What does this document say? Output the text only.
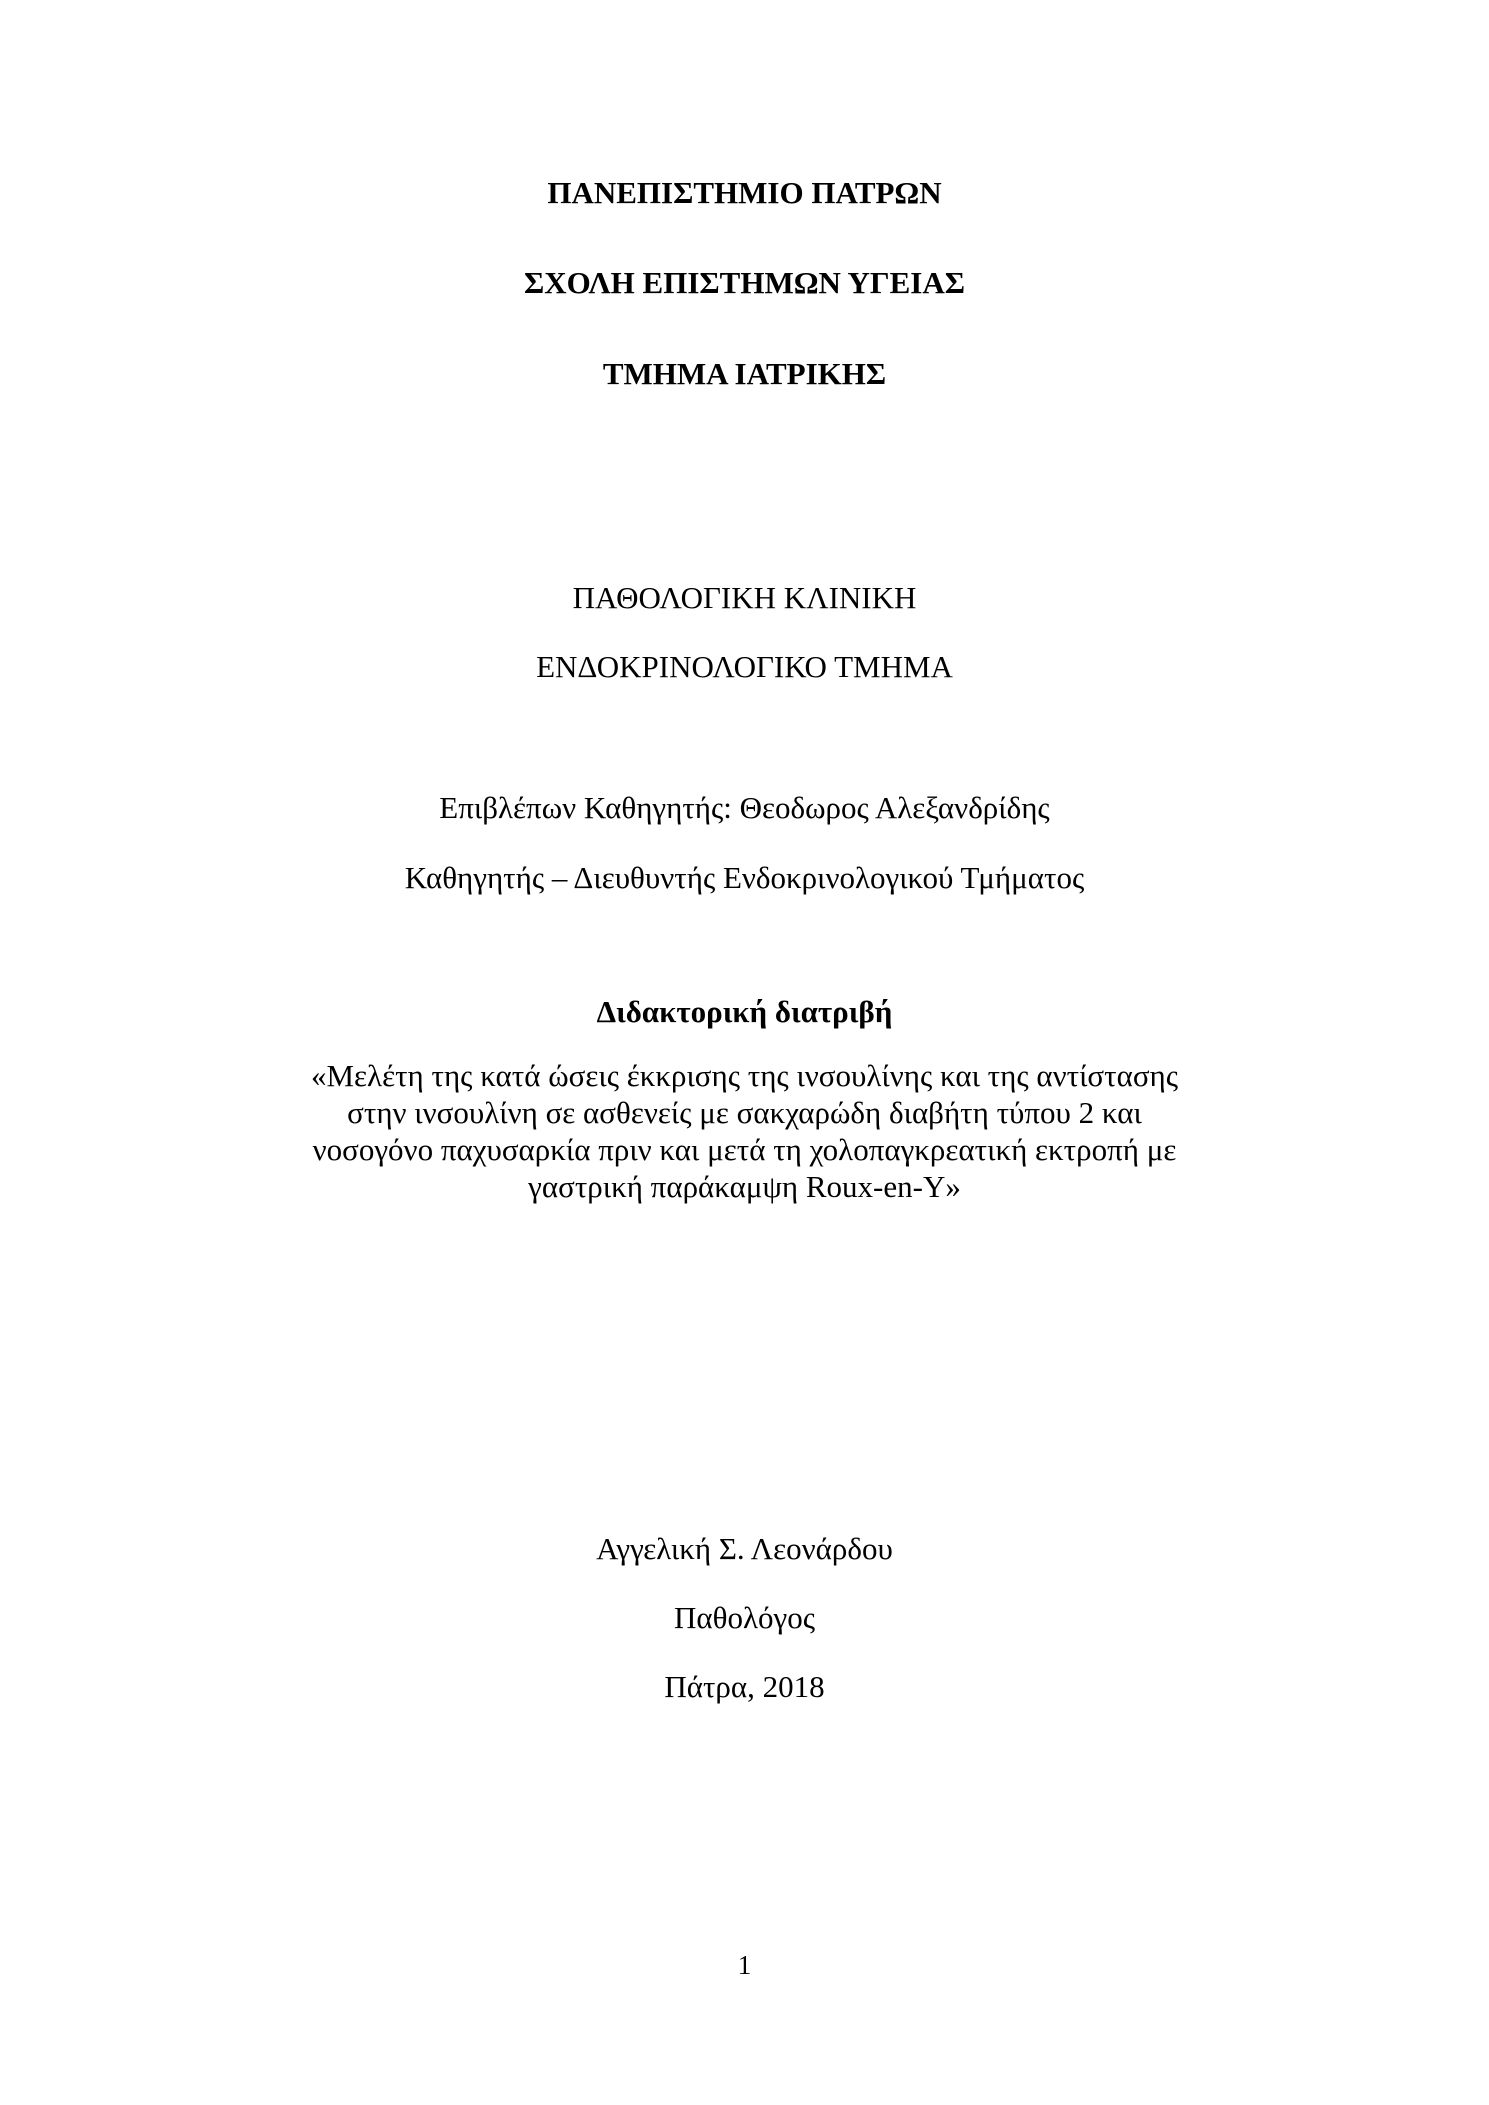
ΠΑΝΕΠΙΣΤΗΜΙΟ ΠΑΤΡΩΝ
ΣΧΟΛΗ ΕΠΙΣΤΗΜΩΝ ΥΓΕΙΑΣ
ΤΜΗΜΑ ΙΑΤΡΙΚΗΣ
ΠΑΘΟΛΟΓΙΚΗ ΚΛΙΝΙΚΗ
ΕΝΔΟΚΡΙΝΟΛΟΓΙΚΟ ΤΜΗΜΑ
Επιβλέπων Καθηγητής: Θεοδωρος Αλεξανδρίδης
Καθηγητής – Διευθυντής Ενδοκρινολογικού Τμήματος
Διδακτορική διατριβή
«Μελέτη της κατά ώσεις έκκρισης της ινσουλίνης και της αντίστασης
στην ινσουλίνη σε ασθενείς με σακχαρώδη διαβήτη τύπου 2 και
νοσογόνο παχυσαρκία πριν και μετά τη χολοπαγκρεατική εκτροπή με
γαστρική παράκαμψη Roux-en-Y»
Αγγελική Σ. Λεονάρδου
Παθολόγος
Πάτρα, 2018
1
